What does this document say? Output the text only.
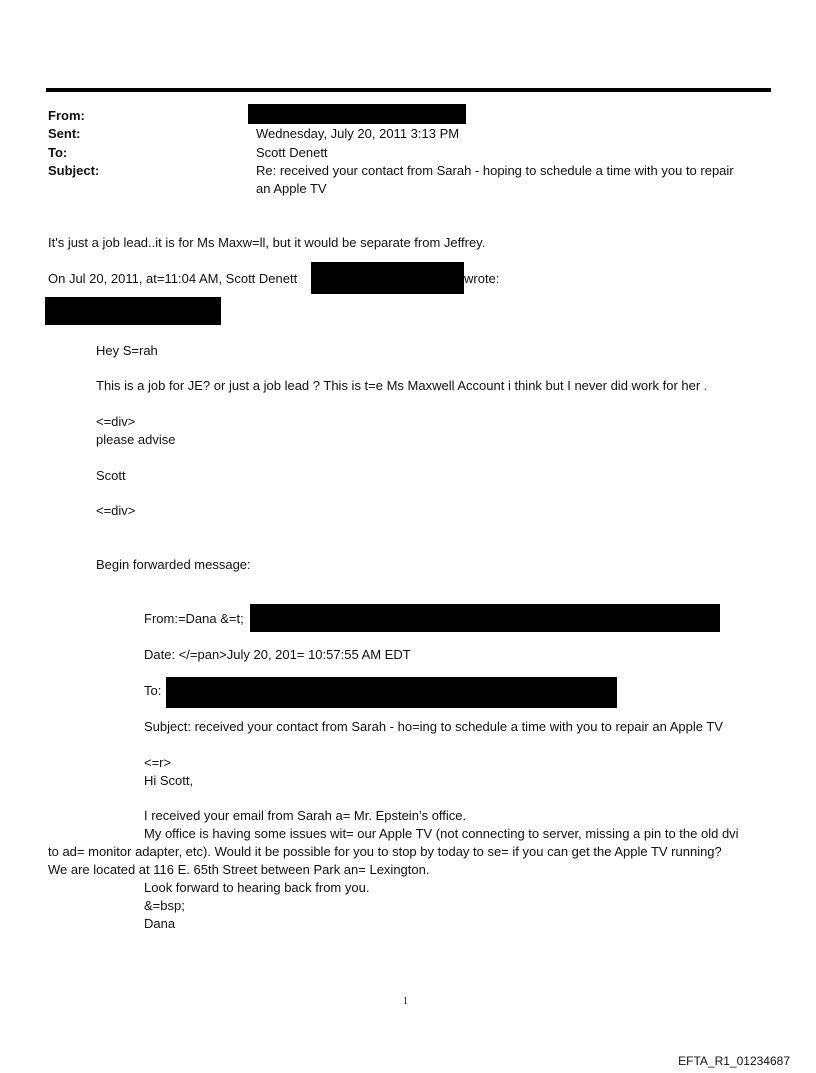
From:
Sent:	Wednesday, July 20, 2011 3:13 PM
To:	Scott Denett
Subject:	Re: received your contact from Sarah - hoping to schedule a time with you to repair
an Apple TV
It's just a job lead..it is for Ms Maxw=ll, but it would be separate from Jeffrey.
On Jul 20, 2011, at=11:04 AM, Scott Denett	wrote:
Hey S=rah
This is a job for JE? or just a job lead ? This is t=e Ms Maxwell Account i think but I never did work for her .
<=div>
please advise
Scott
<=div>
Begin forwarded message:
From:=Dana &=t;
Date: </=pan>July 20, 201= 10:57:55 AM EDT
To:
Subject: received your contact from Sarah - ho=ing to schedule a time with you to repair an Apple TV
<=r>
Hi Scott,
I received your email from Sarah a= Mr. Epstein’s office.
My office is having some issues wit= our Apple TV (not connecting to server, missing a pin to the old dvi
to ad= monitor adapter, etc). Would it be possible for you to stop by today to se= if you can get the Apple TV running?
We are located at 116 E. 65th Street between Park an= Lexington.
Look forward to hearing back from you.
&=bsp;
Dana
1
EFTA_R1_01234687
